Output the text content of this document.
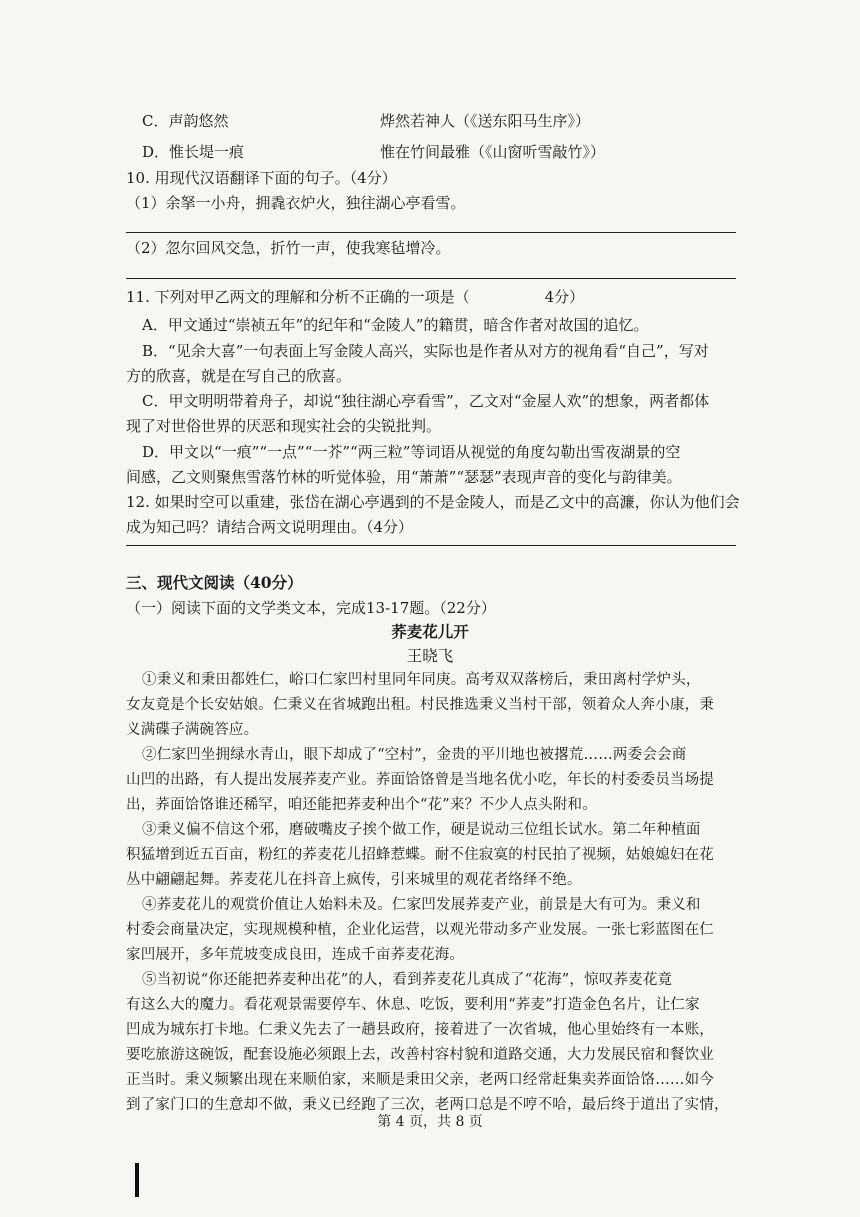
C．声韵悠然	烨然若神人（《送东阳马生序》）
D．惟长堤一痕	惟在竹间最雅（《山窗听雪敲竹》）
10. 用现代汉语翻译下面的句子。（4分）
（1）余拏一小舟，拥毳衣炉火，独往湖心亭看雪。
（2）忽尔回风交急，折竹一声，使我寒毡增冷。
11. 下列对甲乙两文的理解和分析不正确的一项是（　　　　　4分）
A．甲文通过“崇祯五年”的纪年和“金陵人”的籍贯，暗含作者对故国的追忆。
B．“见余大喜”一句表面上写金陵人高兴，实际也是作者从对方的视角看“自己”，写对
方的欣喜，就是在写自己的欣喜。
C．甲文明明带着舟子，却说“独往湖心亭看雪”，乙文对“金屋人欢”的想象，两者都体
现了对世俗世界的厌恶和现实社会的尖锐批判。
D．甲文以“一痕”“一点”“一芥”“两三粒”等词语从视觉的角度勾勒出雪夜湖景的空
间感，乙文则聚焦雪落竹林的听觉体验，用“萧萧”“瑟瑟”表现声音的变化与韵律美。
12. 如果时空可以重建，张岱在湖心亭遇到的不是金陵人，而是乙文中的高濂，你认为他们会
成为知己吗？请结合两文说明理由。（4分）
三、现代文阅读（40分）
（一）阅读下面的文学类文本，完成13-17题。（22分）
荞麦花儿开
王晓飞
①秉义和秉田都姓仁，峪口仁家凹村里同年同庚。高考双双落榜后，秉田离村学炉头，
女友竟是个长安姑娘。仁秉义在省城跑出租。村民推选秉义当村干部，领着众人奔小康，秉
义满碟子满碗答应。
②仁家凹坐拥绿水青山，眼下却成了“空村”，金贵的平川地也被撂荒……两委会会商
山凹的出路，有人提出发展荞麦产业。荞面饸饹曾是当地名优小吃，年长的村委委员当场提
出，荞面饸饹谁还稀罕，咱还能把荞麦种出个“花”来？不少人点头附和。
③秉义偏不信这个邪，磨破嘴皮子挨个做工作，硬是说动三位组长试水。第二年种植面
积猛增到近五百亩，粉红的荞麦花儿招蜂惹蝶。耐不住寂寞的村民拍了视频，姑娘媳妇在花
丛中翩翩起舞。荞麦花儿在抖音上疯传，引来城里的观花者络绎不绝。
④荞麦花儿的观赏价值让人始料未及。仁家凹发展荞麦产业，前景是大有可为。秉义和
村委会商量决定，实现规模种植，企业化运营，以观光带动多产业发展。一张七彩蓝图在仁
家凹展开，多年荒坡变成良田，连成千亩荞麦花海。
⑤当初说“你还能把荞麦种出花”的人，看到荞麦花儿真成了“花海”，惊叹荞麦花竟
有这么大的魔力。看花观景需要停车、休息、吃饭，要利用“荞麦”打造金色名片，让仁家
凹成为城东打卡地。仁秉义先去了一趟县政府，接着进了一次省城，他心里始终有一本账，
要吃旅游这碗饭，配套设施必须跟上去，改善村容村貌和道路交通，大力发展民宿和餐饮业
正当时。秉义频繁出现在来顺伯家，来顺是秉田父亲，老两口经常赶集卖荞面饸饹……如今
到了家门口的生意却不做，秉义已经跑了三次，老两口总是不哼不哈，最后终于道出了实情，
第 4 页，共 8 页
